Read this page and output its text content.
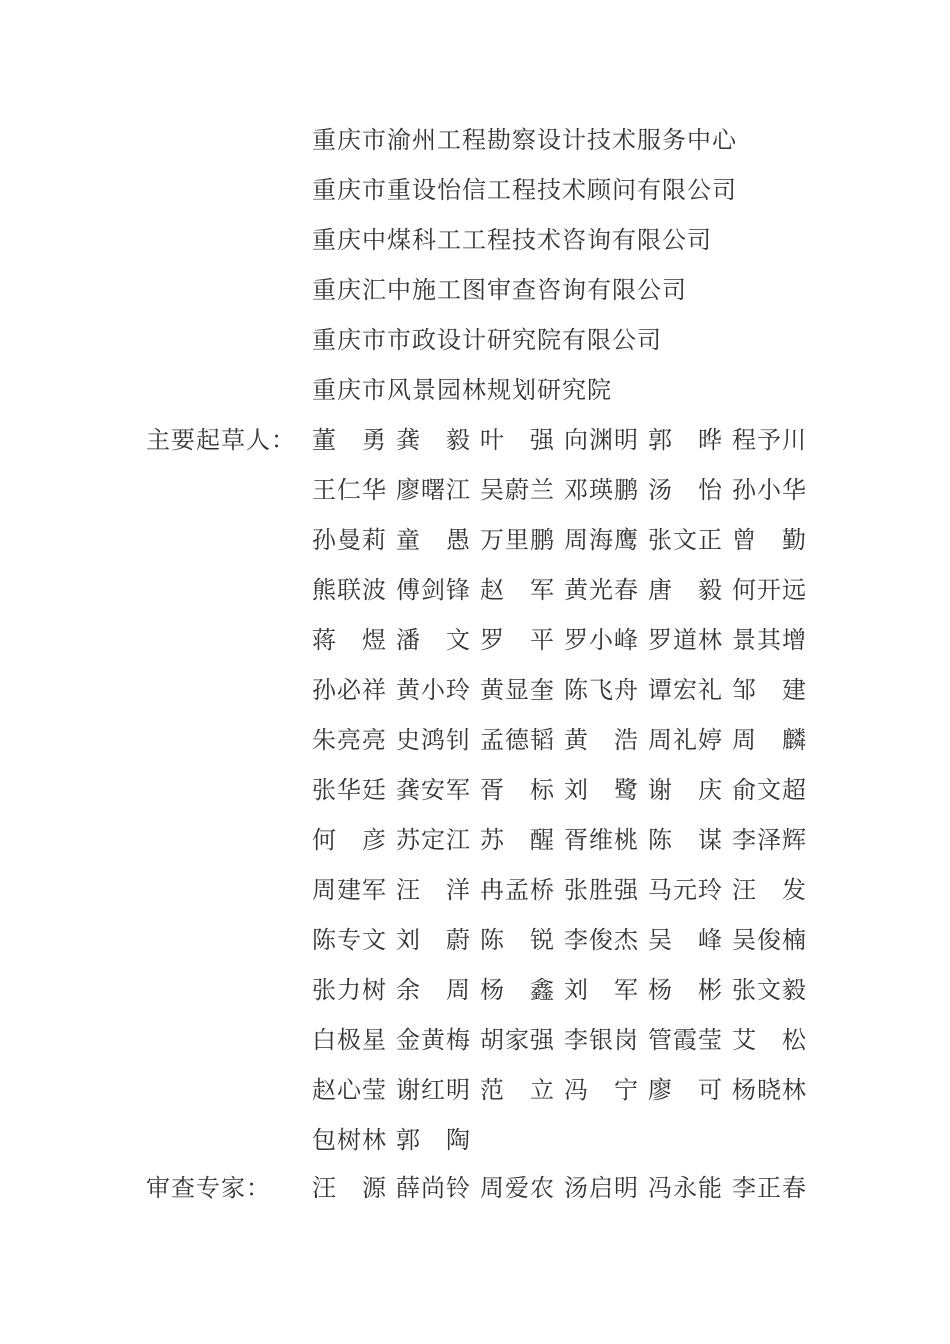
重庆市渝州工程勘察设计技术服务中心
重庆市重设怡信工程技术顾问有限公司
重庆中煤科工工程技术咨询有限公司
重庆汇中施工图审查咨询有限公司
重庆市市政设计研究院有限公司
重庆市风景园林规划研究院
主要起草人： 董 勇 龚 毅 叶 强 向 渊 明 郭 晔 程 予 川
王 仁 华 廖 曙 江 吴 蔚 兰 邓 瑛 鹏 汤 怡 孙 小 华
孙 曼 莉 童 愚 万 里 鹏 周 海 鹰 张 文 正 曾 勤
熊 联 波 傅 剑 锋 赵 军 黄 光 春 唐 毅 何 开 远
蒋 煜 潘 文 罗 平 罗 小 峰 罗 道 林 景 其 增
孙 必 祥 黄 小 玲 黄 显 奎 陈 飞 舟 谭 宏 礼 邹 建
朱 亮 亮 史 鸿 钊 孟 德 韬 黄 浩 周 礼 婷 周 麟
张 华 廷 龚 安 军 胥 标 刘 鹭 谢 庆 俞 文 超
何 彦 苏 定 江 苏 醒 胥 维 桃 陈 谋 李 泽 辉
周 建 军 汪 洋 冉 孟 桥 张 胜 强 马 元 玲 汪 发
陈 专 文 刘 蔚 陈 锐 李 俊 杰 吴 峰 吴 俊 楠
张 力 树 余 周 杨 鑫 刘 军 杨 彬 张 文 毅
白 极 星 金 黄 梅 胡 家 强 李 银 岗 管 霞 莹 艾 松
赵 心 莹 谢 红 明 范 立 冯 宁 廖 可 杨 晓 林
包 树 林 郭 陶
审查专家： 汪 源 薛 尚 铃 周 爱 农 汤 启 明 冯 永 能 李 正 春
